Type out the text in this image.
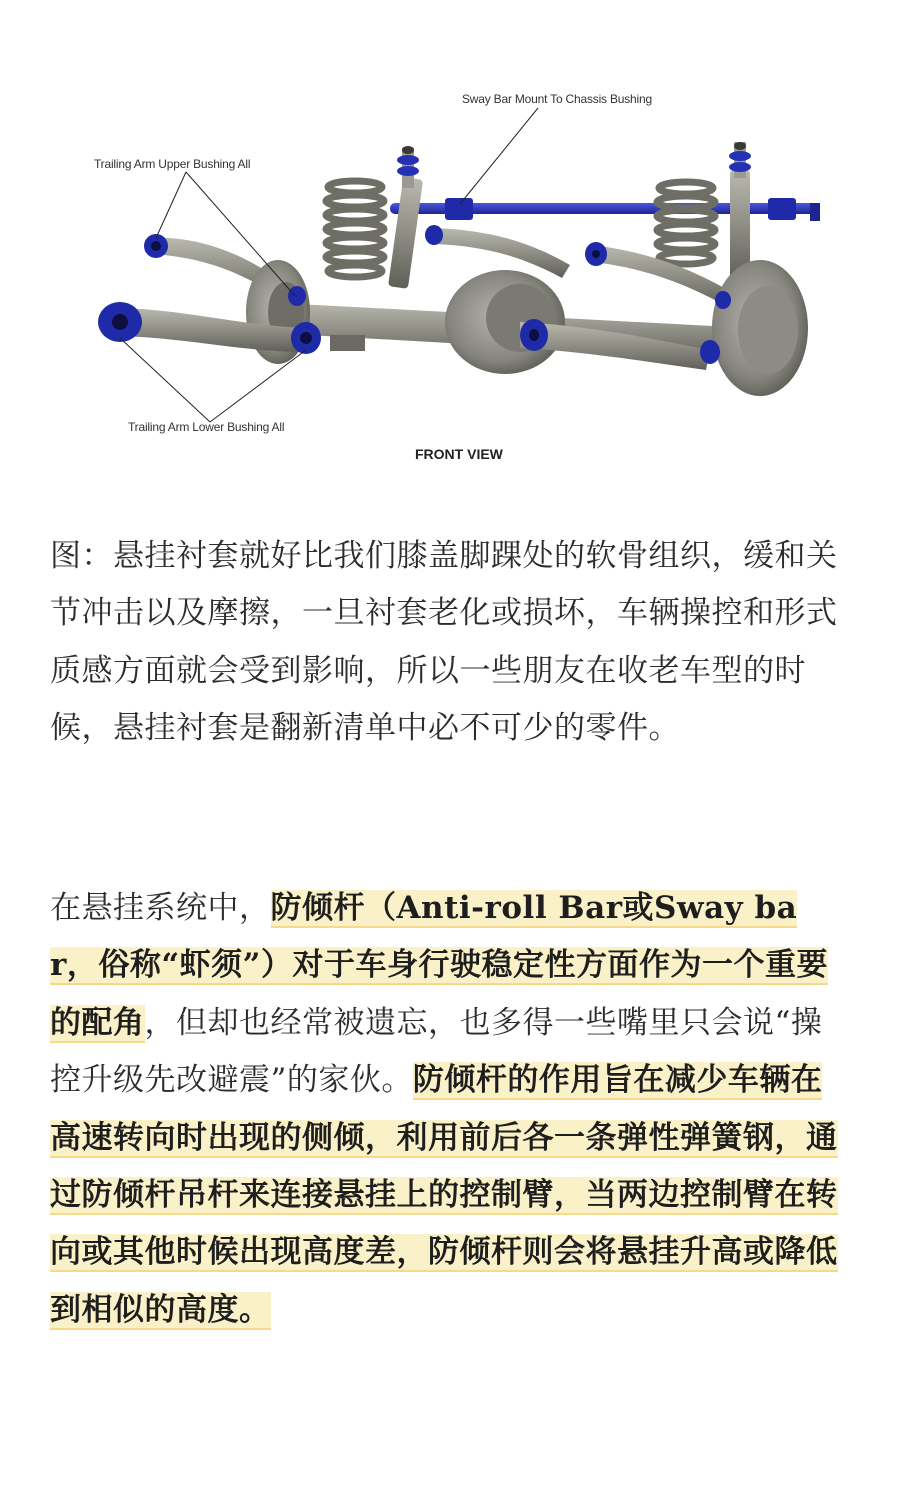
Sway Bar Mount To Chassis Bushing
Trailing Arm Upper Bushing All
Trailing Arm Lower Bushing All
FRONT VIEW
图：悬挂衬套就好比我们膝盖脚踝处的软骨组织，缓和关节冲击以及摩擦，一旦衬套老化或损坏，车辆操控和形式质感方面就会受到影响，所以一些朋友在收老车型的时候，悬挂衬套是翻新清单中必不可少的零件。
在悬挂系统中，防倾杆（Anti-roll Bar或Sway bar，俗称“虾须”）对于车身行驶稳定性方面作为一个重要的配角，但却也经常被遗忘，也多得一些嘴里只会说“操控升级先改避震”的家伙。防倾杆的作用旨在减少车辆在高速转向时出现的侧倾，利用前后各一条弹性弹簧钢，通过防倾杆吊杆来连接悬挂上的控制臂，当两边控制臂在转向或其他时候出现高度差，防倾杆则会将悬挂升高或降低到相似的高度。
